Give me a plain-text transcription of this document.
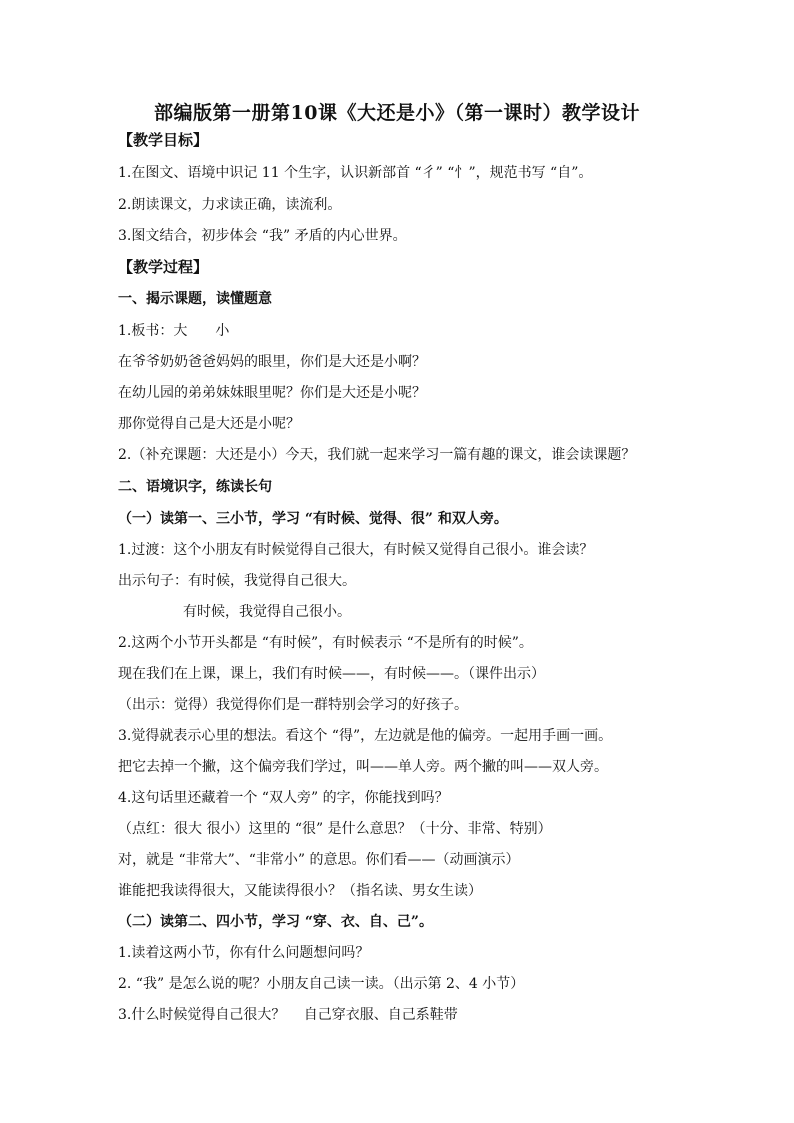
部编版第一册第10课《大还是小》（第一课时）教学设计
【教学目标】
1.在图文、语境中识记 11 个生字，认识新部首 “彳” “忄”，规范书写 “自”。
2.朗读课文，力求读正确，读流利。
3.图文结合，初步体会 “我” 矛盾的内心世界。
【教学过程】
一、揭示课题，读懂题意
1.板书：大　　小
在爷爷奶奶爸爸妈妈的眼里，你们是大还是小啊？
在幼儿园的弟弟妹妹眼里呢？你们是大还是小呢？
那你觉得自己是大还是小呢？
2.（补充课题：大还是小）今天，我们就一起来学习一篇有趣的课文，谁会读课题？
二、语境识字，练读长句
（一）读第一、三小节，学习 “有时候、觉得、很” 和双人旁。
1.过渡：这个小朋友有时候觉得自己很大，有时候又觉得自己很小。谁会读？
出示句子：有时候，我觉得自己很大。
有时候，我觉得自己很小。
2.这两个小节开头都是 “有时候”，有时候表示 “不是所有的时候”。
现在我们在上课，课上，我们有时候——，有时候——。（课件出示）
（出示：觉得）我觉得你们是一群特别会学习的好孩子。
3.觉得就表示心里的想法。看这个 “得”，左边就是他的偏旁。一起用手画一画。
把它去掉一个撇，这个偏旁我们学过，叫——单人旁。两个撇的叫——双人旁。
4.这句话里还藏着一个 “双人旁” 的字，你能找到吗？
（点红：很大 很小）这里的 “很” 是什么意思？（十分、非常、特别）
对，就是 “非常大”、“非常小” 的意思。你们看——（动画演示）
谁能把我读得很大，又能读得很小？（指名读、男女生读）
（二）读第二、四小节，学习 “穿、衣、自、己”。
1.读着这两小节，你有什么问题想问吗？
2. “我” 是怎么说的呢？小朋友自己读一读。（出示第 2、4 小节）
3.什么时候觉得自己很大？　 自己穿衣服、自己系鞋带
